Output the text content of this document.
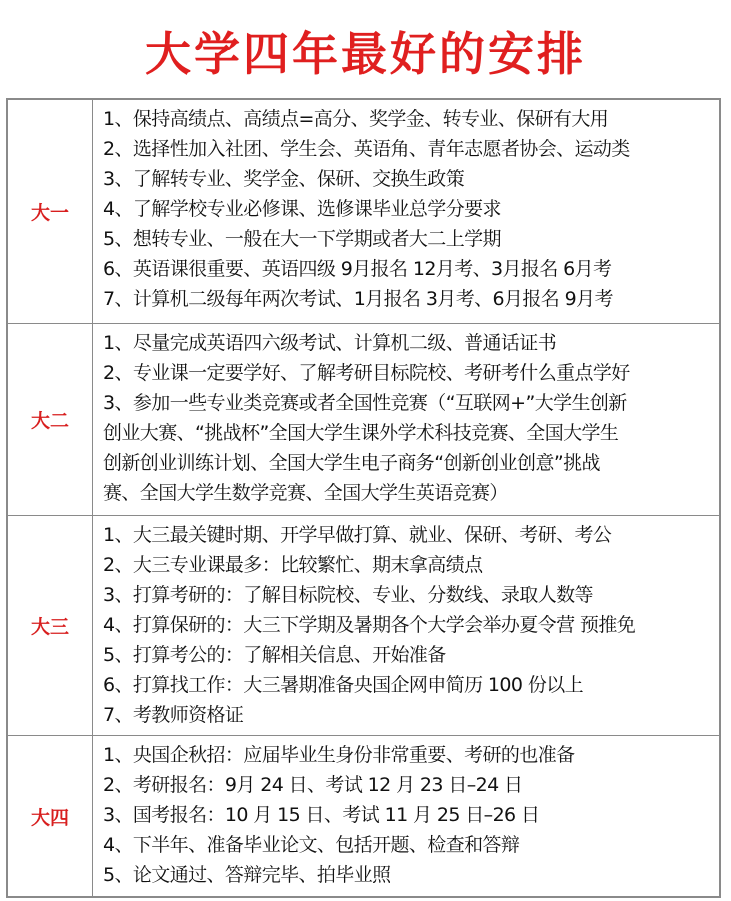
大学四年最好的安排
大一
1、保持高绩点、高绩点=高分、奖学金、转专业、保研有大用
2、选择性加入社团、学生会、英语角、青年志愿者协会、运动类
3、了解转专业、奖学金、保研、交换生政策
4、了解学校专业必修课、选修课毕业总学分要求
5、想转专业、一般在大一下学期或者大二上学期
6、英语课很重要、英语四级 9月报名 12月考、3月报名 6月考
7、计算机二级每年两次考试、1月报名 3月考、6月报名 9月考
大二
1、尽量完成英语四六级考试、计算机二级、普通话证书
2、专业课一定要学好、了解考研目标院校、考研考什么重点学好
3、参加一些专业类竞赛或者全国性竞赛（“互联网+”大学生创新
创业大赛、“挑战杯”全国大学生课外学术科技竞赛、全国大学生
创新创业训练计划、全国大学生电子商务“创新创业创意”挑战
赛、全国大学生数学竞赛、全国大学生英语竞赛）
大三
1、大三最关键时期、开学早做打算、就业、保研、考研、考公
2、大三专业课最多：比较繁忙、期末拿高绩点
3、打算考研的：了解目标院校、专业、分数线、录取人数等
4、打算保研的：大三下学期及暑期各个大学会举办夏令营 预推免
5、打算考公的：了解相关信息、开始准备
6、打算找工作：大三暑期准备央国企网申简历 100 份以上
7、考教师资格证
大四
1、央国企秋招：应届毕业生身份非常重要、考研的也准备
2、考研报名：9月 24 日、考试 12 月 23 日–24 日
3、国考报名：10 月 15 日、考试 11 月 25 日–26 日
4、下半年、准备毕业论文、包括开题、检查和答辩
5、论文通过、答辩完毕、拍毕业照
